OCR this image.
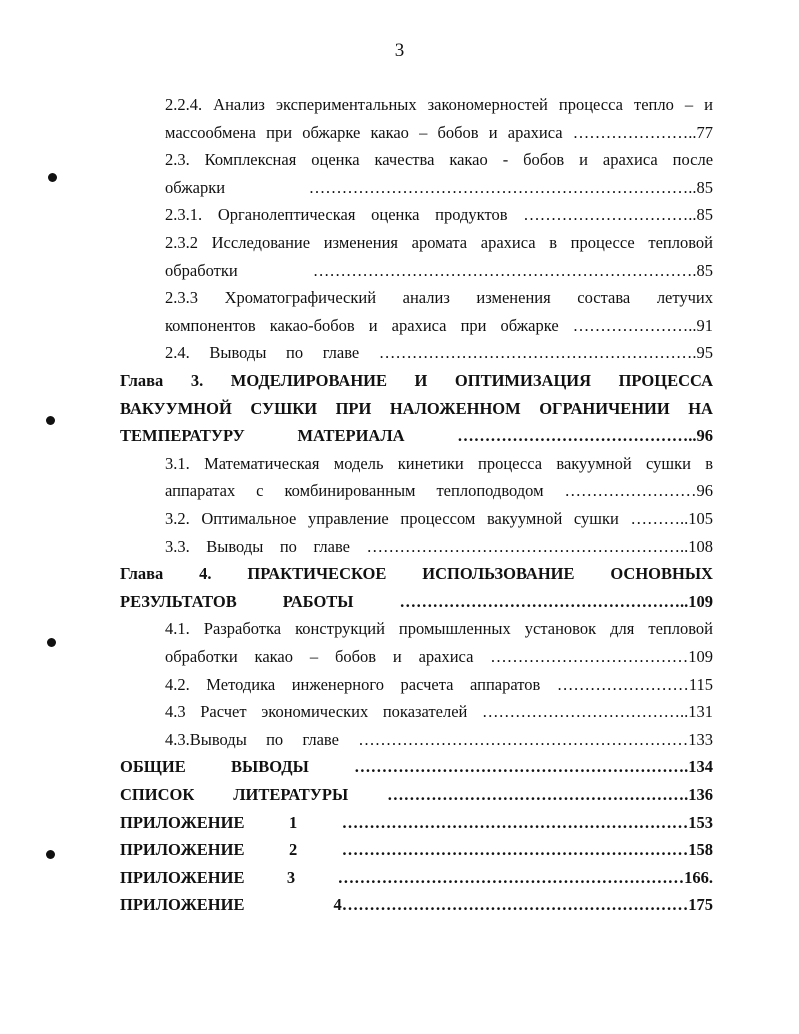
3
2.2.4. Анализ экспериментальных закономерностей процесса тепло – и
массообмена при обжарке какао – бобов и арахиса …………………..77
2.3. Комплексная оценка качества какао - бобов и арахиса после
обжарки ……………………………………………………………..85
2.3.1. Органолептическая оценка продуктов …………………………..85
2.3.2 Исследование изменения аромата арахиса в процессе тепловой
обработки …………………………………………………………….85
2.3.3 Хроматографический анализ изменения состава летучих
компонентов какао-бобов и арахиса при обжарке …………………..91
2.4. Выводы по главе ………………………………………………….95
Глава 3. МОДЕЛИРОВАНИЕ И ОПТИМИЗАЦИЯ ПРОЦЕССА
ВАКУУМНОЙ СУШКИ ПРИ НАЛОЖЕННОМ ОГРАНИЧЕНИИ НА
ТЕМПЕРАТУРУ МАТЕРИАЛА ……………………………………..96
3.1. Математическая модель кинетики процесса вакуумной сушки в
аппаратах с комбинированным теплоподводом ……………………96
3.2. Оптимальное управление процессом вакуумной сушки ………..105
3.3. Выводы по главе …………………………………………………..108
Глава 4. ПРАКТИЧЕСКОЕ ИСПОЛЬЗОВАНИЕ ОСНОВНЫХ
РЕЗУЛЬТАТОВ РАБОТЫ ……………………………………………..109
4.1. Разработка конструкций промышленных установок для тепловой
обработки какао – бобов и арахиса ………………………………109
4.2. Методика инженерного расчета аппаратов ……………………115
4.3 Расчет экономических показателей ………………………………..131
4.3.Выводы по главе ……………………………………………………133
ОБЩИЕ ВЫВОДЫ …………………………………………………….134
СПИСОК ЛИТЕРАТУРЫ ……………………………………………….136
ПРИЛОЖЕНИЕ 1 ………………………………………………………153
ПРИЛОЖЕНИЕ 2 ………………………………………………………158
ПРИЛОЖЕНИЕ 3 ………………………………………………………166.
ПРИЛОЖЕНИЕ 4………………………………………………………175
